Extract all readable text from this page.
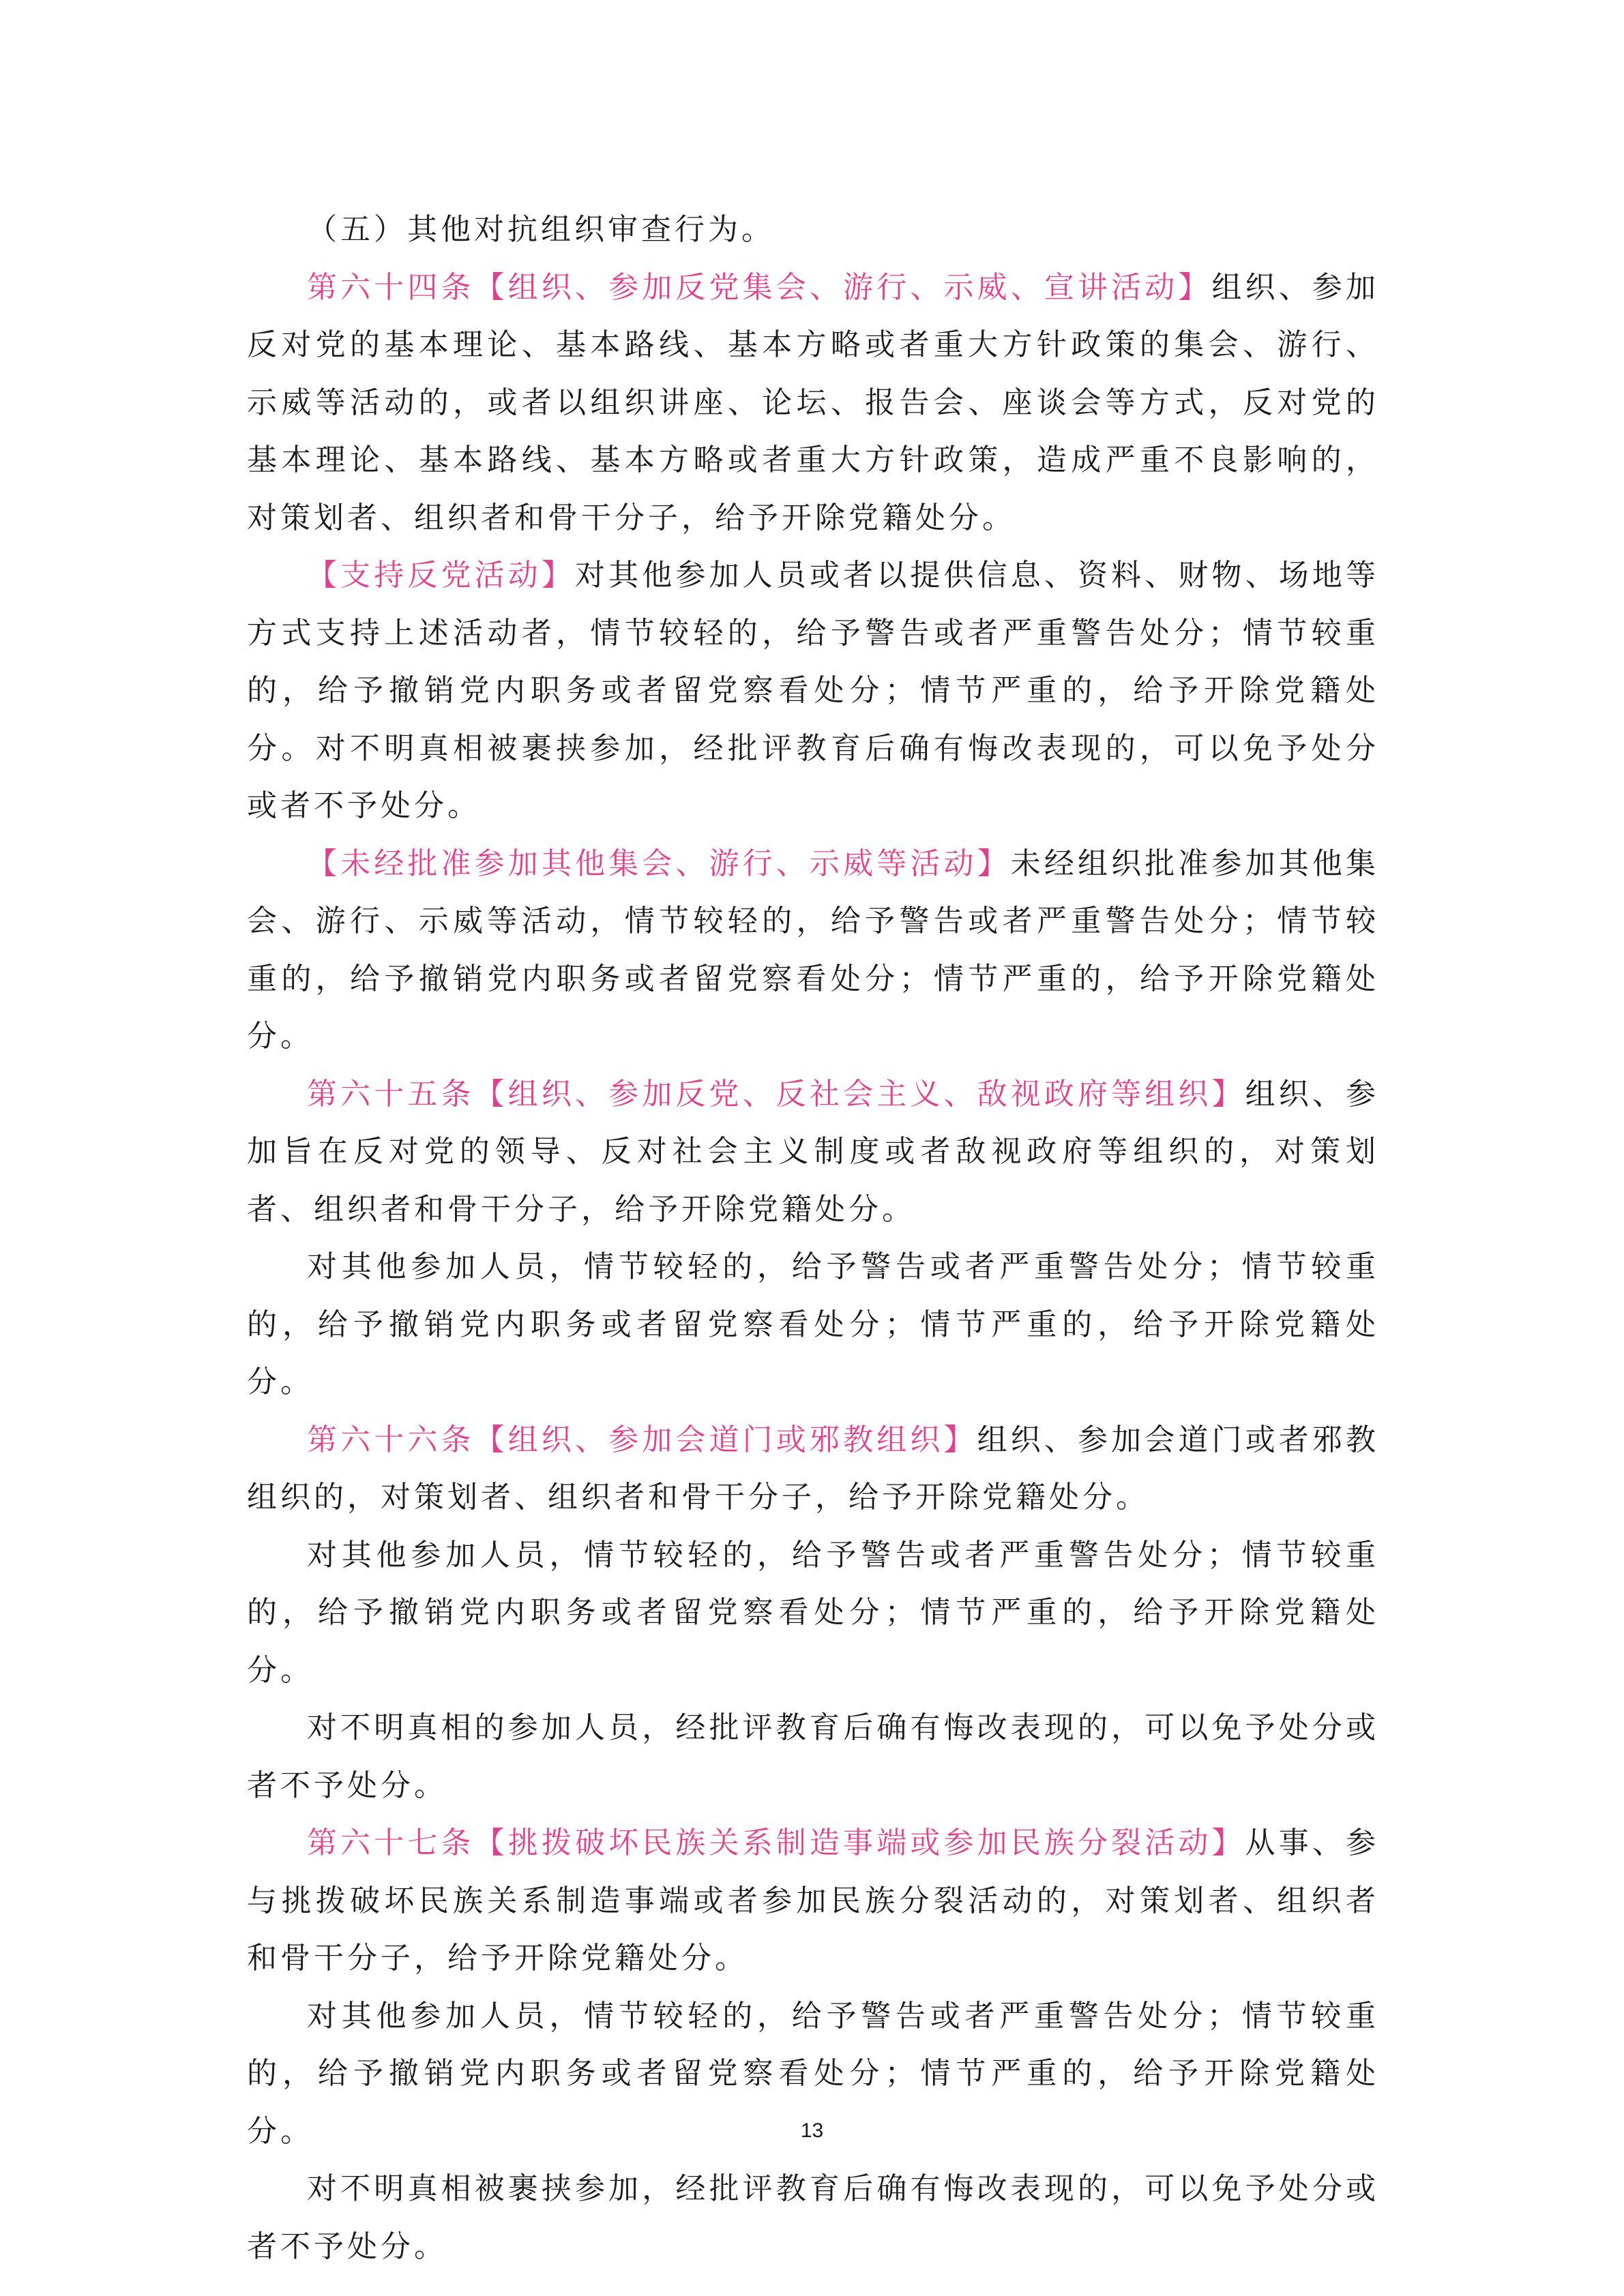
（五）其他对抗组织审查行为。

第六十四条【组织、参加反党集会、游行、示威、宣讲活动】组织、参加反对党的基本理论、基本路线、基本方略或者重大方针政策的集会、游行、示威等活动的，或者以组织讲座、论坛、报告会、座谈会等方式，反对党的基本理论、基本路线、基本方略或者重大方针政策，造成严重不良影响的，对策划者、组织者和骨干分子，给予开除党籍处分。

【支持反党活动】对其他参加人员或者以提供信息、资料、财物、场地等方式支持上述活动者，情节较轻的，给予警告或者严重警告处分；情节较重的，给予撤销党内职务或者留党察看处分；情节严重的，给予开除党籍处分。对不明真相被裹挟参加，经批评教育后确有悔改表现的，可以免予处分或者不予处分。

【未经批准参加其他集会、游行、示威等活动】未经组织批准参加其他集会、游行、示威等活动，情节较轻的，给予警告或者严重警告处分；情节较重的，给予撤销党内职务或者留党察看处分；情节严重的，给予开除党籍处分。

第六十五条【组织、参加反党、反社会主义、敌视政府等组织】组织、参加旨在反对党的领导、反对社会主义制度或者敌视政府等组织的，对策划者、组织者和骨干分子，给予开除党籍处分。

对其他参加人员，情节较轻的，给予警告或者严重警告处分；情节较重的，给予撤销党内职务或者留党察看处分；情节严重的，给予开除党籍处分。

第六十六条【组织、参加会道门或邪教组织】组织、参加会道门或者邪教组织的，对策划者、组织者和骨干分子，给予开除党籍处分。

对其他参加人员，情节较轻的，给予警告或者严重警告处分；情节较重的，给予撤销党内职务或者留党察看处分；情节严重的，给予开除党籍处分。

对不明真相的参加人员，经批评教育后确有悔改表现的，可以免予处分或者不予处分。

第六十七条【挑拨破坏民族关系制造事端或参加民族分裂活动】从事、参与挑拨破坏民族关系制造事端或者参加民族分裂活动的，对策划者、组织者和骨干分子，给予开除党籍处分。

对其他参加人员，情节较轻的，给予警告或者严重警告处分；情节较重的，给予撤销党内职务或者留党察看处分；情节严重的，给予开除党籍处分。

对不明真相被裹挟参加，经批评教育后确有悔改表现的，可以免予处分或者不予处分。

13
